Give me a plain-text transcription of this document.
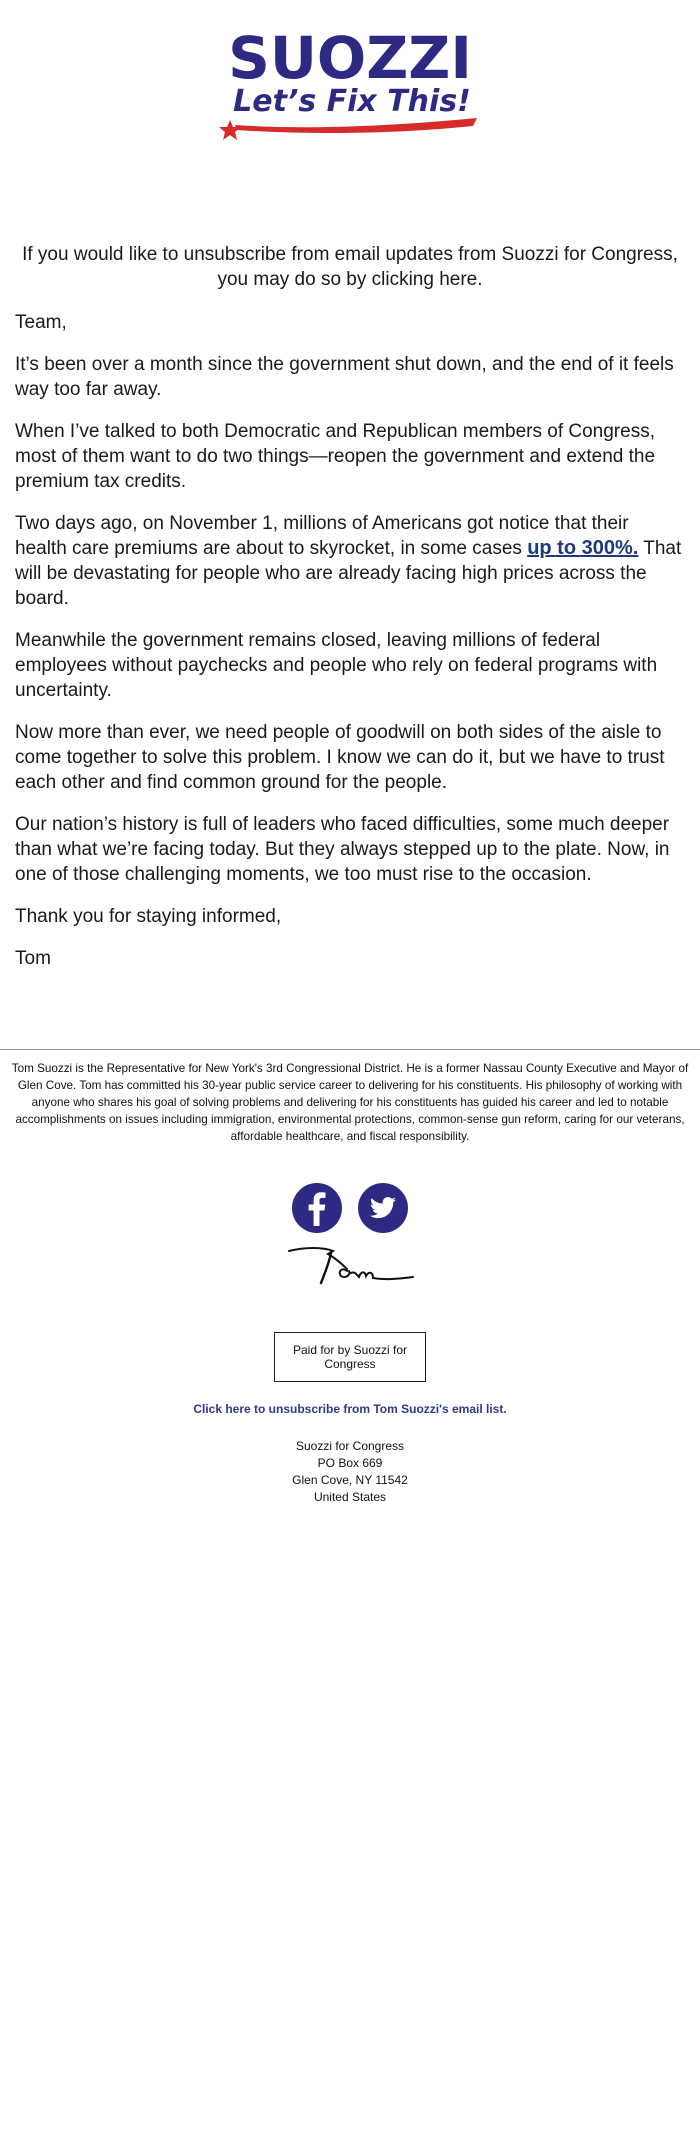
SUOZZI
Let’s Fix This!
If you would like to unsubscribe from email updates from Suozzi for Congress, you may do so by clicking here.

Team,

It’s been over a month since the government shut down, and the end of it feels way too far away.

When I’ve talked to both Democratic and Republican members of Congress, most of them want to do two things—reopen the government and extend the premium tax credits.

Two days ago, on November 1, millions of Americans got notice that their health care premiums are about to skyrocket, in some cases up to 300%. That will be devastating for people who are already facing high prices across the board.

Meanwhile the government remains closed, leaving millions of federal employees without paychecks and people who rely on federal programs with uncertainty.

Now more than ever, we need people of goodwill on both sides of the aisle to come together to solve this problem. I know we can do it, but we have to trust each other and find common ground for the people.

Our nation’s history is full of leaders who faced difficulties, some much deeper than what we’re facing today. But they always stepped up to the plate. Now, in one of those challenging moments, we too must rise to the occasion.

Thank you for staying informed,

Tom

Tom Suozzi is the Representative for New York's 3rd Congressional District. He is a former Nassau County Executive and Mayor of Glen Cove. Tom has committed his 30-year public service career to delivering for his constituents. His philosophy of working with anyone who shares his goal of solving problems and delivering for his constituents has guided his career and led to notable accomplishments on issues including immigration, environmental protections, common-sense gun reform, caring for our veterans, affordable healthcare, and fiscal responsibility.

Paid for by Suozzi for Congress
Click here to unsubscribe from Tom Suozzi's email list.
Suozzi for Congress
PO Box 669
Glen Cove, NY 11542
United States
